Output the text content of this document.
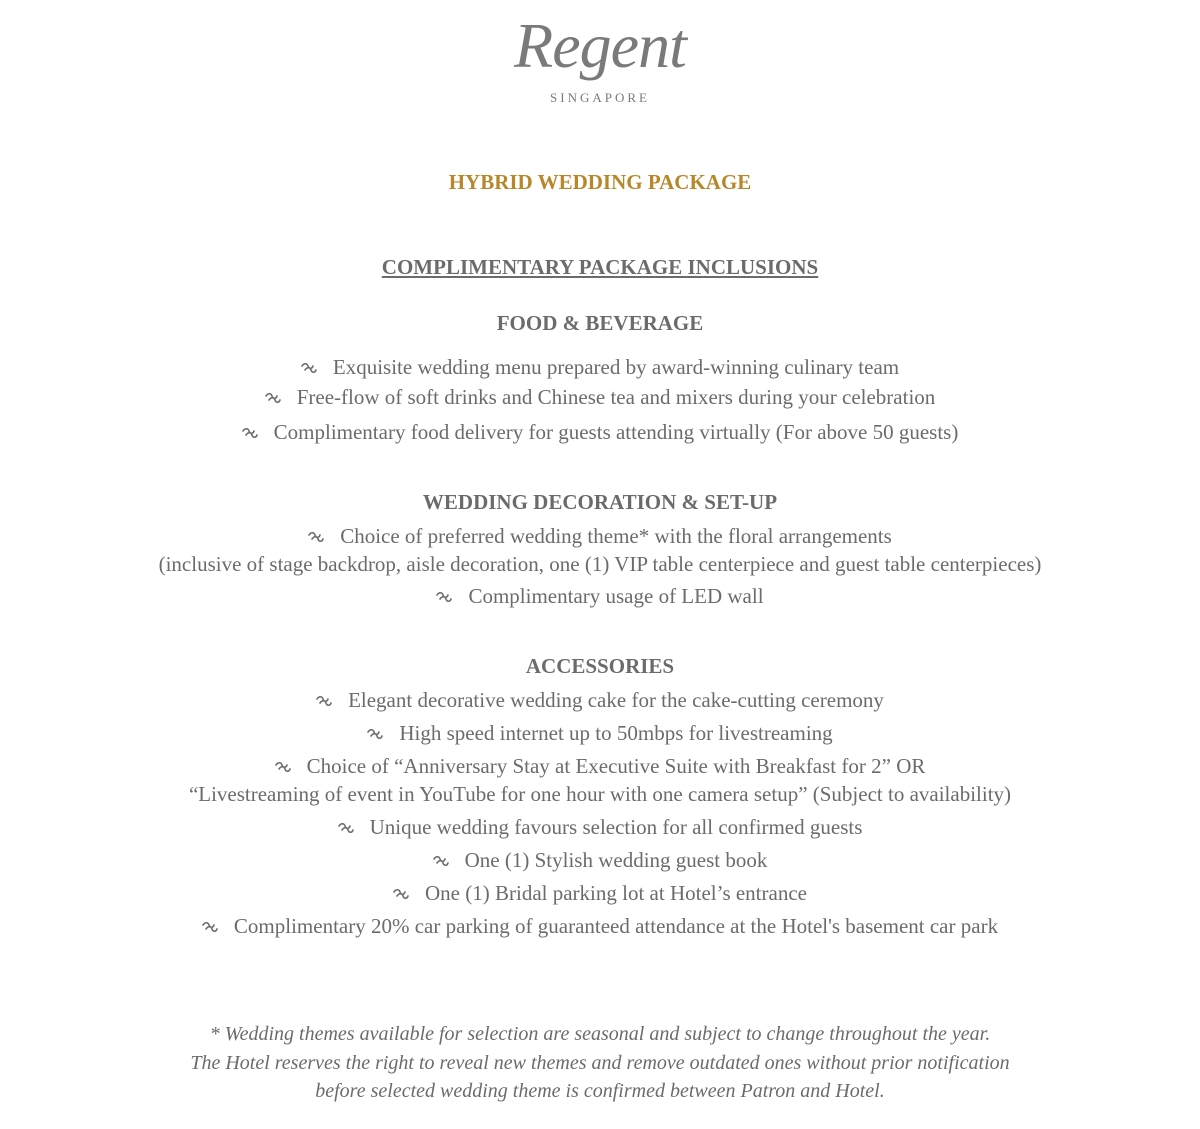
Regent
SINGAPORE
HYBRID WEDDING PACKAGE
COMPLIMENTARY PACKAGE INCLUSIONS
FOOD & BEVERAGE
Exquisite wedding menu prepared by award-winning culinary team
Free-flow of soft drinks and Chinese tea and mixers during your celebration
Complimentary food delivery for guests attending virtually (For above 50 guests)
WEDDING DECORATION & SET-UP
Choice of preferred wedding theme* with the floral arrangements
(inclusive of stage backdrop, aisle decoration, one (1) VIP table centerpiece and guest table centerpieces)
Complimentary usage of LED wall
ACCESSORIES
Elegant decorative wedding cake for the cake-cutting ceremony
High speed internet up to 50mbps for livestreaming
Choice of “Anniversary Stay at Executive Suite with Breakfast for 2” OR
“Livestreaming of event in YouTube for one hour with one camera setup” (Subject to availability)
Unique wedding favours selection for all confirmed guests
One (1) Stylish wedding guest book
One (1) Bridal parking lot at Hotel’s entrance
Complimentary 20% car parking of guaranteed attendance at the Hotel's basement car park
* Wedding themes available for selection are seasonal and subject to change throughout the year.
The Hotel reserves the right to reveal new themes and remove outdated ones without prior notification
before selected wedding theme is confirmed between Patron and Hotel.
